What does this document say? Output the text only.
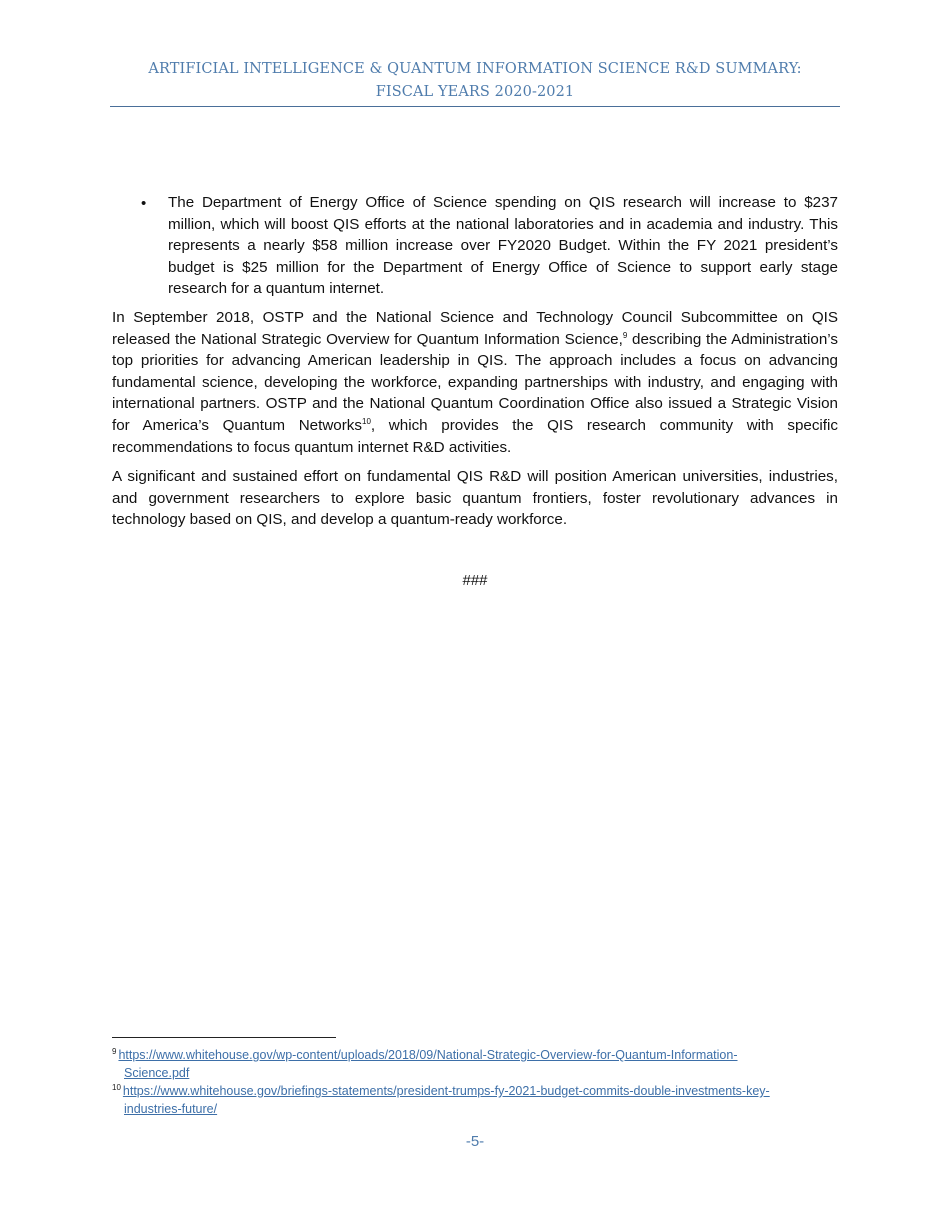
ARTIFICIAL INTELLIGENCE & QUANTUM INFORMATION SCIENCE R&D SUMMARY:
FISCAL YEARS 2020-2021
• The Department of Energy Office of Science spending on QIS research will increase to $237 million, which will boost QIS efforts at the national laboratories and in academia and industry. This represents a nearly $58 million increase over FY2020 Budget. Within the FY 2021 president’s budget is $25 million for the Department of Energy Office of Science to support early stage research for a quantum internet.

In September 2018, OSTP and the National Science and Technology Council Subcommittee on QIS released the National Strategic Overview for Quantum Information Science,$^9$ describing the Administration’s top priorities for advancing American leadership in QIS. The approach includes a focus on advancing fundamental science, developing the workforce, expanding partnerships with industry, and engaging with international partners. OSTP and the National Quantum Coordination Office also issued a Strategic Vision for America’s Quantum Networks$^{10}$, which provides the QIS research community with specific recommendations to focus quantum internet R&D activities.

A significant and sustained effort on fundamental QIS R&D will position American universities, industries, and government researchers to explore basic quantum frontiers, foster revolutionary advances in technology based on QIS, and develop a quantum-ready workforce.

###
$^9$ https://www.whitehouse.gov/wp-content/uploads/2018/09/National-Strategic-Overview-for-Quantum-Information-
Science.pdf
$^{10}$ https://www.whitehouse.gov/briefings-statements/president-trumps-fy-2021-budget-commits-double-investments-key-
industries-future/
-5-
